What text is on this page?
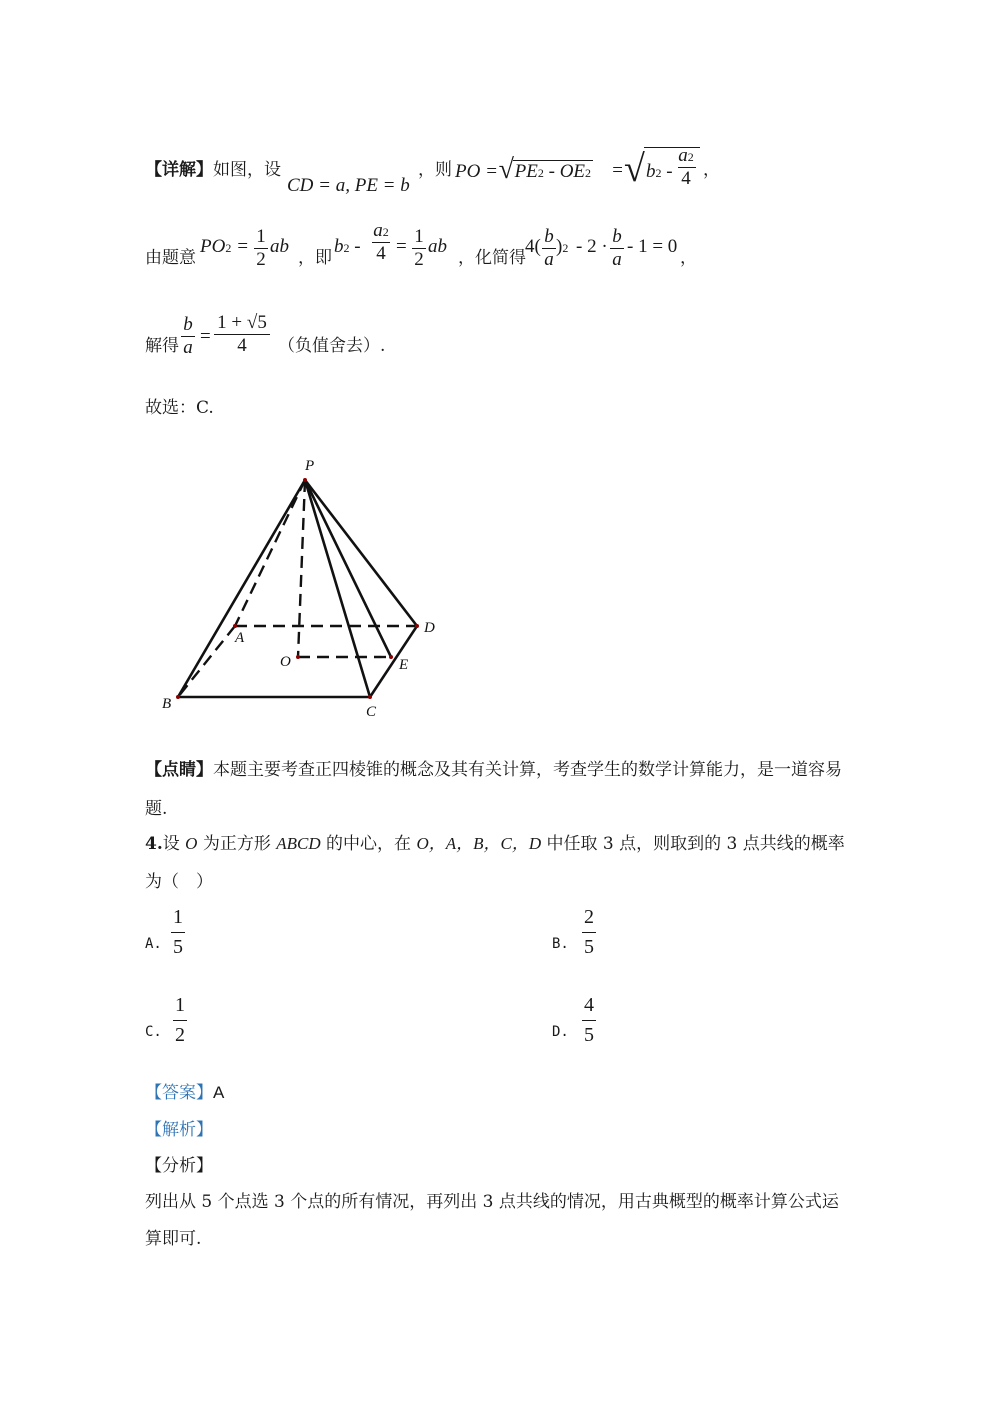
【详解】如图，设
CD = a, PE = b
，则 PO = √ PE2 - OE2 = √ b2 -
a2
4 ，
由题意
PO2 = 1
2
ab
，即
b2 -
a2
4 = 1
2
ab
，化简得
4( b
a
)2 - 2 · b
a
- 1 = 0
，
解得
b
a
=
1 + √5
4	（负值舍去）.
故选：C.
P
A
B	C
D
E
O
【点睛】本题主要考查正四棱锥的概念及其有关计算，考查学生的数学计算能力，是一道容易
题.
4.设 O 为正方形 ABCD 的中心，在 O，A，B，C，D 中任取 3 点，则取到的 3 点共线的概率
为（　）
A.
1
5	B.
2
5
C.
1
2	D.
4
5
【答案】A
【解析】
【分析】
列出从 5 个点选 3 个点的所有情况，再列出 3 点共线的情况，用古典概型的概率计算公式运
算即可.
